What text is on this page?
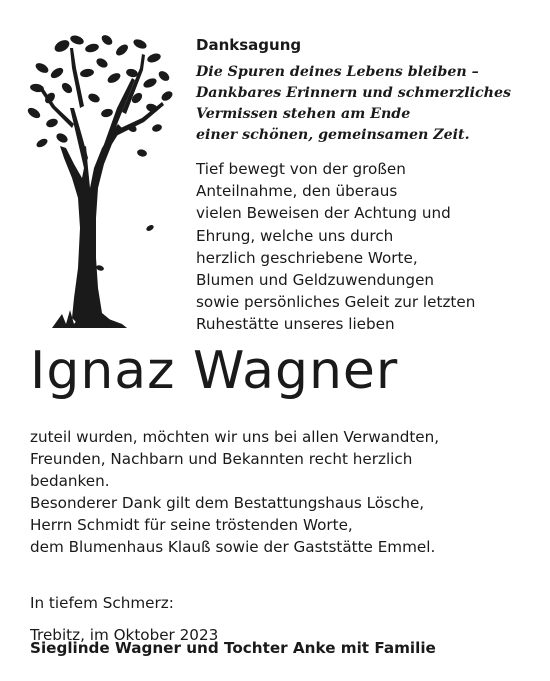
Danksagung
Die Spuren deines Lebens bleiben –
Dankbares Erinnern und schmerzliches
Vermissen stehen am Ende
einer schönen, gemeinsamen Zeit.
Tief bewegt von der großen
Anteilnahme, den überaus
vielen Beweisen der Achtung und
Ehrung, welche uns durch
herzlich geschriebene Worte,
Blumen und Geldzuwendungen
sowie persönliches Geleit zur letzten
Ruhestätte unseres lieben
Ignaz Wagner
zuteil wurden, möchten wir uns bei allen Verwandten,
Freunden, Nachbarn und Bekannten recht herzlich
bedanken.
Besonderer Dank gilt dem Bestattungshaus Lösche,
Herrn Schmidt für seine tröstenden Worte,
dem Blumenhaus Klauß sowie der Gaststätte Emmel.

In tiefem Schmerz:

Sieglinde Wagner und Tochter Anke mit Familie

Trebitz, im Oktober 2023
